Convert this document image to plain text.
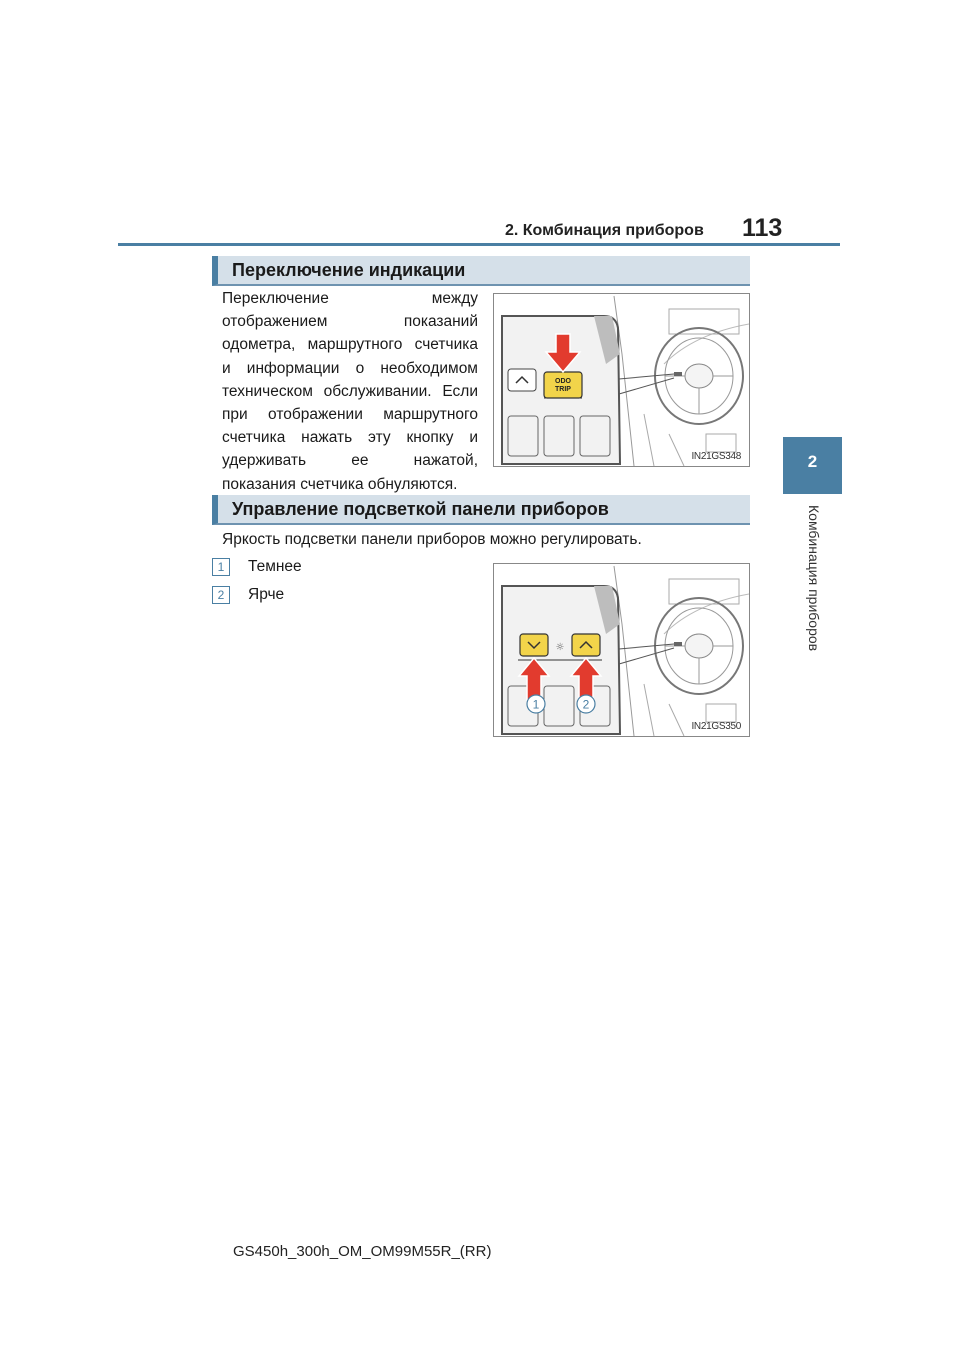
2. Комбинация приборов 113
2
Комбинация приборов
Переключение индикации
Переключение	между
отображением	показаний
одометра, маршрутного счетчика
и информации о необходимом
техническом обслуживании. Если
при отображении маршрутного
счетчика нажать эту кнопку и
удерживать	ее	нажатой,
показания счетчика обнуляются.
ODO
TRIP
IN21GS348
Управление подсветкой панели приборов
Яркость подсветки панели приборов можно регулировать.
1	Темнее
2	Ярче
☼
1	2
IN21GS350
GS450h_300h_OM_OM99M55R_(RR)
